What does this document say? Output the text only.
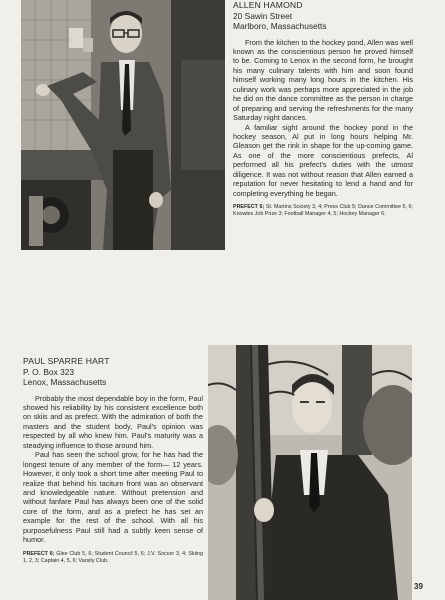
ALLEN HAMOND
20 Sawin Street
Marlboro, Massachusetts

From the kitchen to the hockey pond, Allen was well known as the conscientious person he proved himself to be. Coming to Lenox in the second form, he brought his many culinary talents with him and soon found himself working many long hours in the kitchen. His culinary work was perhaps more appreciated in the job he did on the dance committee as the person in charge of preparing and serving the refreshments for the many Saturday night dances.

A familiar sight around the hockey pond in the hockey season, Al put in long hours helping Mr. Gleason get the rink in shape for the up-coming game. As one of the more conscientious prefects, Al performed all his prefect's duties with the utmost diligence. It was not without reason that Allen earned a reputation for never hesitating to lend a hand and for completing everything he began.

PREFECT 6; St. Martins Society 3, 4; Press Club 5; Dance Committee 5, 6; Knowles Job Prize 3; Football Manager 4, 5; Hockey Manager 6.
PAUL SPARRE HART
P. O. Box 323
Lenox, Massachusetts

Probably the most dependable boy in the form, Paul showed his reliability by his consistent excellence both on skiis and as prefect. With the admiration of both the masters and the student body, Paul's opinion was respected by all who knew him. Paul's maturity was a steadying influence to those around him.

Paul has seen the school grow, for he has had the longest tenure of any member of the form— 12 years. However, it only took a short time after meeting Paul to realize that behind his taciturn front was an observant and knowledgeable nature. Without pretension and without fanfare Paul has always been one of the solid core of the form, and as a prefect he has set an example for the rest of the school. With all his purposefulness Paul still had a subtly keen sense of humor.

PREFECT 6; Glee Club 5, 6; Student Council 5, 6; J.V. Soccer 3, 4; Skiing 1, 2, 3; Captain 4, 5, 6; Varsity Club.
39
